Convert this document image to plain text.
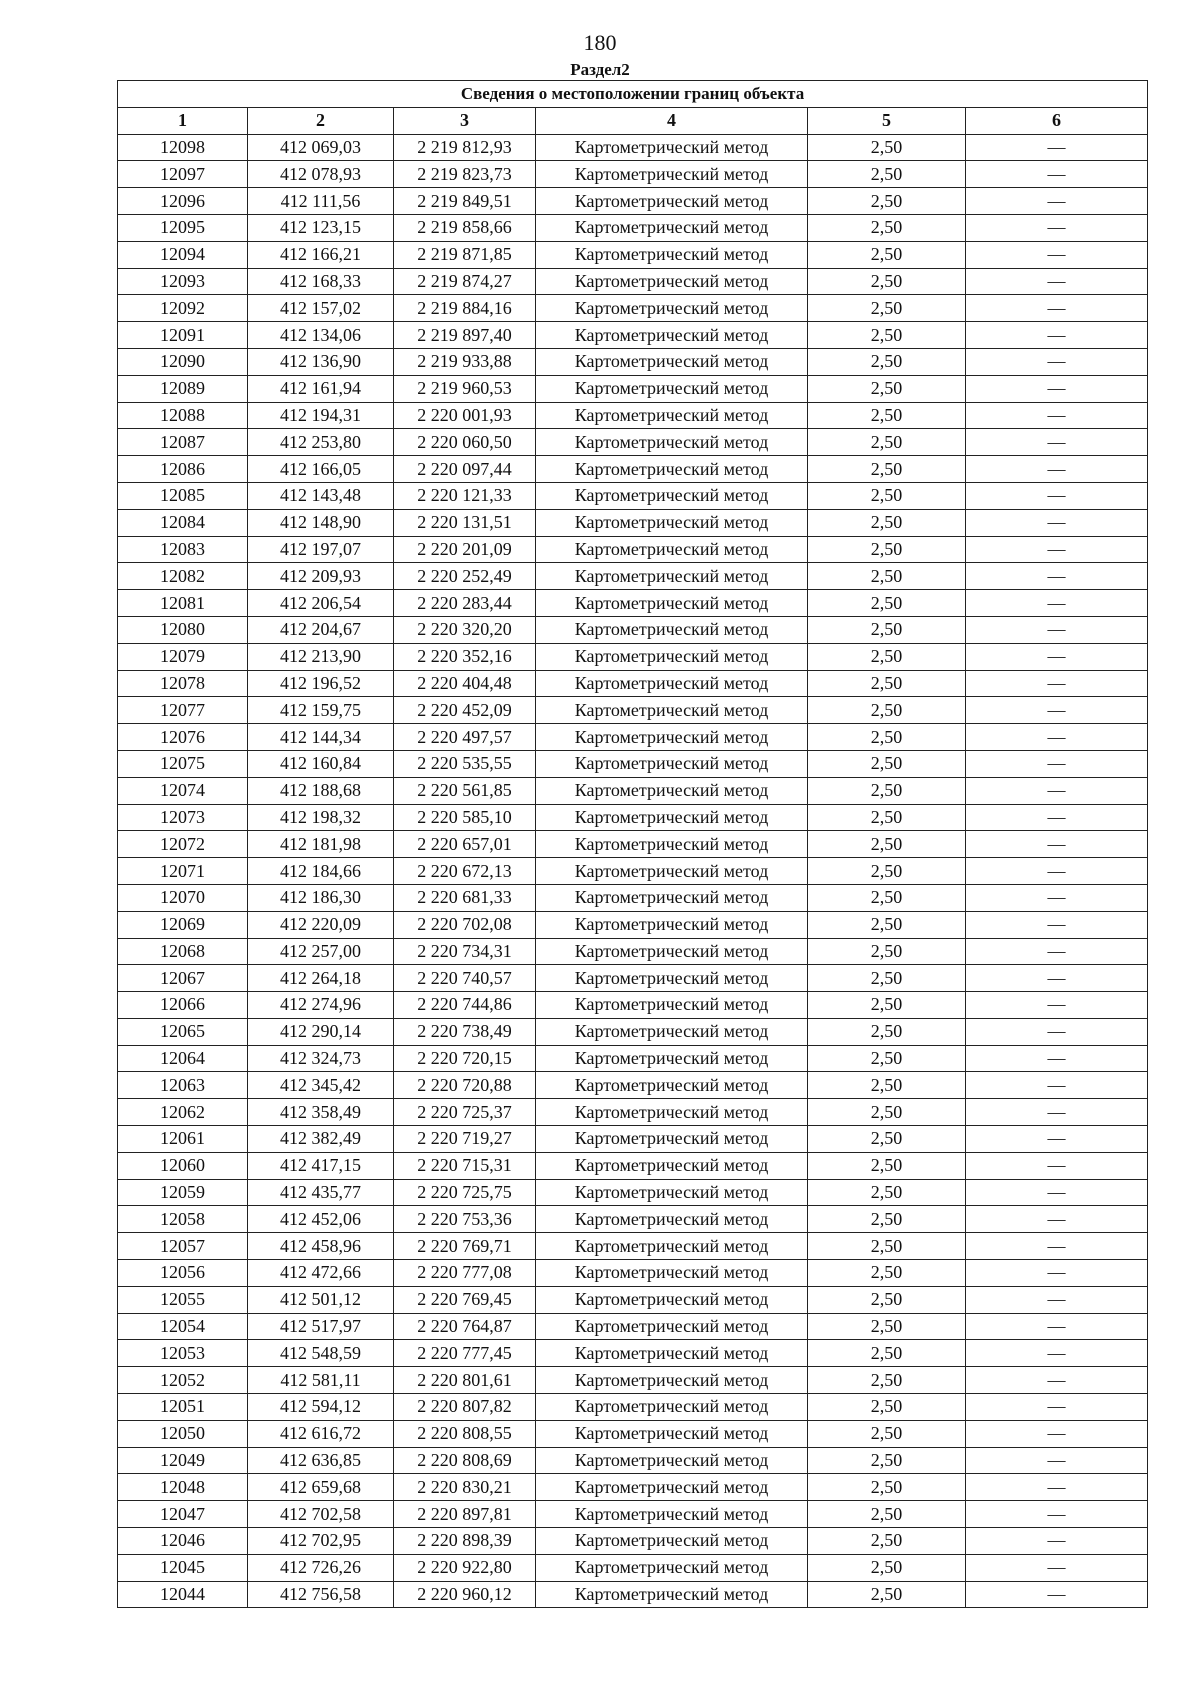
180
Раздел2
Сведения о местоположении границ объекта					
1	2	3	4	5	6
12098	412 069,03	2 219 812,93	Картометрический метод	2,50	—
12097	412 078,93	2 219 823,73	Картометрический метод	2,50	—
12096	412 111,56	2 219 849,51	Картометрический метод	2,50	—
12095	412 123,15	2 219 858,66	Картометрический метод	2,50	—
12094	412 166,21	2 219 871,85	Картометрический метод	2,50	—
12093	412 168,33	2 219 874,27	Картометрический метод	2,50	—
12092	412 157,02	2 219 884,16	Картометрический метод	2,50	—
12091	412 134,06	2 219 897,40	Картометрический метод	2,50	—
12090	412 136,90	2 219 933,88	Картометрический метод	2,50	—
12089	412 161,94	2 219 960,53	Картометрический метод	2,50	—
12088	412 194,31	2 220 001,93	Картометрический метод	2,50	—
12087	412 253,80	2 220 060,50	Картометрический метод	2,50	—
12086	412 166,05	2 220 097,44	Картометрический метод	2,50	—
12085	412 143,48	2 220 121,33	Картометрический метод	2,50	—
12084	412 148,90	2 220 131,51	Картометрический метод	2,50	—
12083	412 197,07	2 220 201,09	Картометрический метод	2,50	—
12082	412 209,93	2 220 252,49	Картометрический метод	2,50	—
12081	412 206,54	2 220 283,44	Картометрический метод	2,50	—
12080	412 204,67	2 220 320,20	Картометрический метод	2,50	—
12079	412 213,90	2 220 352,16	Картометрический метод	2,50	—
12078	412 196,52	2 220 404,48	Картометрический метод	2,50	—
12077	412 159,75	2 220 452,09	Картометрический метод	2,50	—
12076	412 144,34	2 220 497,57	Картометрический метод	2,50	—
12075	412 160,84	2 220 535,55	Картометрический метод	2,50	—
12074	412 188,68	2 220 561,85	Картометрический метод	2,50	—
12073	412 198,32	2 220 585,10	Картометрический метод	2,50	—
12072	412 181,98	2 220 657,01	Картометрический метод	2,50	—
12071	412 184,66	2 220 672,13	Картометрический метод	2,50	—
12070	412 186,30	2 220 681,33	Картометрический метод	2,50	—
12069	412 220,09	2 220 702,08	Картометрический метод	2,50	—
12068	412 257,00	2 220 734,31	Картометрический метод	2,50	—
12067	412 264,18	2 220 740,57	Картометрический метод	2,50	—
12066	412 274,96	2 220 744,86	Картометрический метод	2,50	—
12065	412 290,14	2 220 738,49	Картометрический метод	2,50	—
12064	412 324,73	2 220 720,15	Картометрический метод	2,50	—
12063	412 345,42	2 220 720,88	Картометрический метод	2,50	—
12062	412 358,49	2 220 725,37	Картометрический метод	2,50	—
12061	412 382,49	2 220 719,27	Картометрический метод	2,50	—
12060	412 417,15	2 220 715,31	Картометрический метод	2,50	—
12059	412 435,77	2 220 725,75	Картометрический метод	2,50	—
12058	412 452,06	2 220 753,36	Картометрический метод	2,50	—
12057	412 458,96	2 220 769,71	Картометрический метод	2,50	—
12056	412 472,66	2 220 777,08	Картометрический метод	2,50	—
12055	412 501,12	2 220 769,45	Картометрический метод	2,50	—
12054	412 517,97	2 220 764,87	Картометрический метод	2,50	—
12053	412 548,59	2 220 777,45	Картометрический метод	2,50	—
12052	412 581,11	2 220 801,61	Картометрический метод	2,50	—
12051	412 594,12	2 220 807,82	Картометрический метод	2,50	—
12050	412 616,72	2 220 808,55	Картометрический метод	2,50	—
12049	412 636,85	2 220 808,69	Картометрический метод	2,50	—
12048	412 659,68	2 220 830,21	Картометрический метод	2,50	—
12047	412 702,58	2 220 897,81	Картометрический метод	2,50	—
12046	412 702,95	2 220 898,39	Картометрический метод	2,50	—
12045	412 726,26	2 220 922,80	Картометрический метод	2,50	—
12044	412 756,58	2 220 960,12	Картометрический метод	2,50	—
